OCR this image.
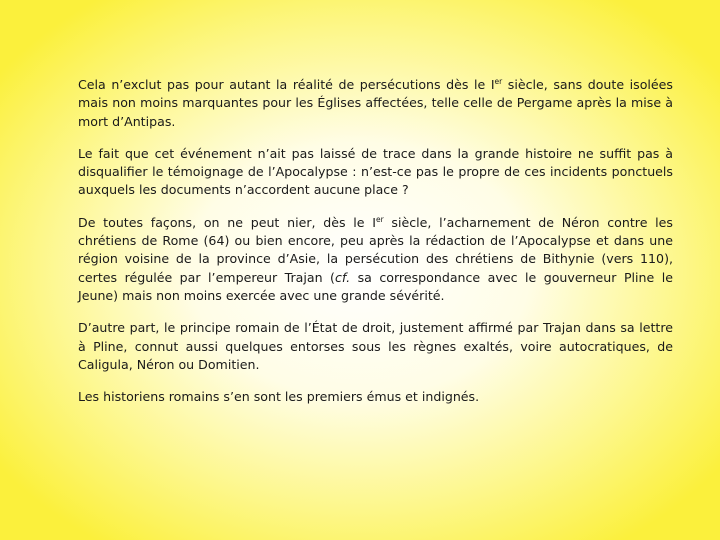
Cela n’exclut pas pour autant la réalité de persécutions dès le Ier siècle, sans doute isolées mais non moins marquantes pour les Églises affectées, telle celle de Pergame après la mise à mort d’Antipas.

Le fait que cet événement n’ait pas laissé de trace dans la grande histoire ne suffit pas à disqualifier le témoignage de l’Apocalypse : n’est-ce pas le propre de ces incidents ponctuels auxquels les documents n’accordent aucune place ?

De toutes façons, on ne peut nier, dès le Ier siècle, l’acharnement de Néron contre les chrétiens de Rome (64) ou bien encore, peu après la rédaction de l’Apocalypse et dans une région voisine de la province d’Asie, la persécution des chrétiens de Bithynie (vers 110), certes régulée par l’empereur Trajan (cf. sa correspondance avec le gouverneur Pline le Jeune) mais non moins exercée avec une grande sévérité.

D’autre part, le principe romain de l’État de droit, justement affirmé par Trajan dans sa lettre à Pline, connut aussi quelques entorses sous les règnes exaltés, voire autocratiques, de Caligula, Néron ou Domitien.

Les historiens romains s’en sont les premiers émus et indignés.
